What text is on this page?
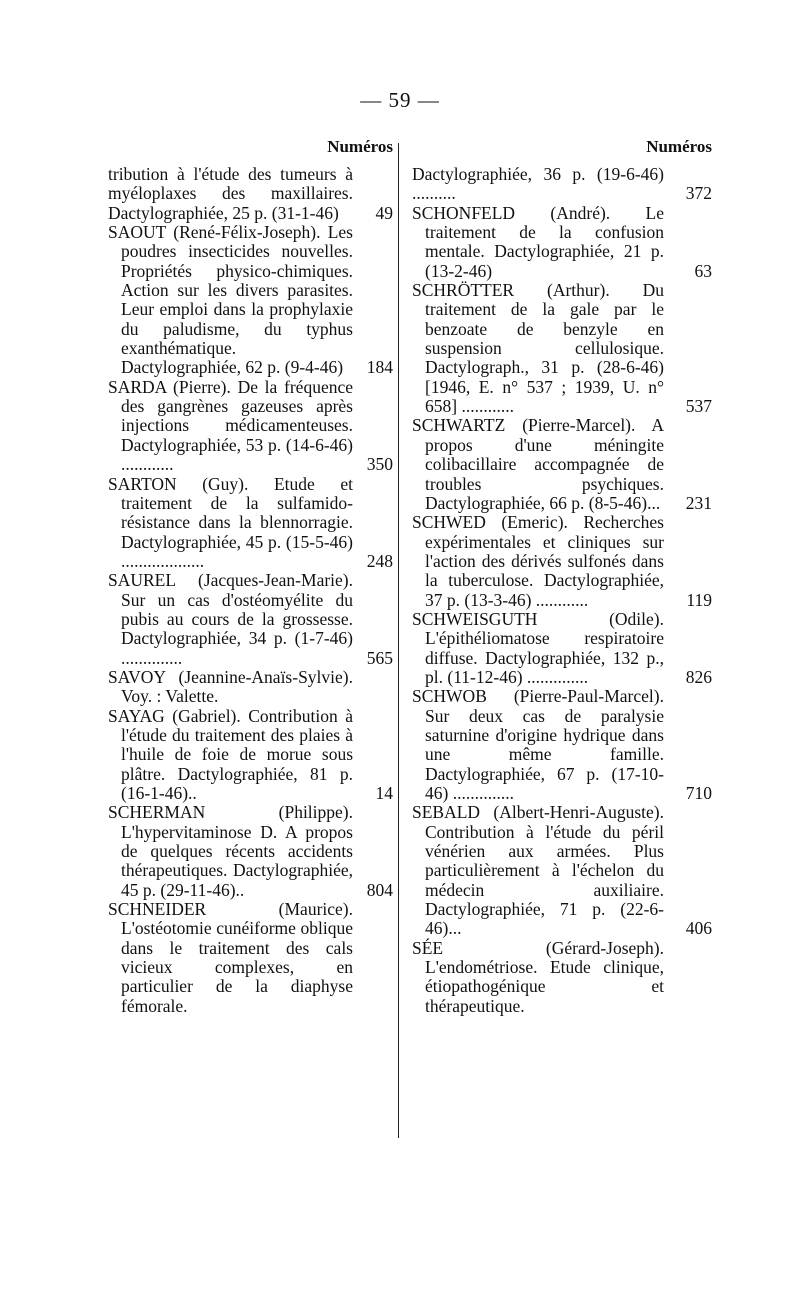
— 59 —
Numéros
tribution à l'étude des tumeurs à myéloplaxes des maxillaires. Dactylographiée, 25 p. (31-1-46)	49
SAOUT (René-Félix-Joseph). Les poudres insecticides nouvelles. Propriétés physico-chimiques. Action sur les divers parasites. Leur emploi dans la prophylaxie du paludisme, du typhus exanthématique. Dactylographiée, 62 p. (9-4-46)	184
SARDA (Pierre). De la fréquence des gangrènes gazeuses après injections médicamenteuses. Dactylographiée, 53 p. (14-6-46) ............	350
SARTON (Guy). Etude et traitement de la sulfamido-résistance dans la blennorragie. Dactylographiée, 45 p. (15-5-46) ...................	248
SAUREL (Jacques-Jean-Marie). Sur un cas d'ostéomyélite du pubis au cours de la grossesse. Dactylographiée, 34 p. (1-7-46) ..............	565
SAVOY (Jeannine-Anaïs-Sylvie). Voy. : Valette.
SAYAG (Gabriel). Contribution à l'étude du traitement des plaies à l'huile de foie de morue sous plâtre. Dactylographiée, 81 p. (16-1-46)..	14
SCHERMAN (Philippe). L'hypervitaminose D. A propos de quelques récents accidents thérapeutiques. Dactylographiée, 45 p. (29-11-46)..	804
SCHNEIDER (Maurice). L'ostéotomie cunéiforme oblique dans le traitement des cals vicieux complexes, en particulier de la diaphyse fémorale.
Numéros
Dactylographiée, 36 p. (19-6-46) ..........	372
SCHONFELD (André). Le traitement de la confusion mentale. Dactylographiée, 21 p. (13-2-46)	63
SCHRÖTTER (Arthur). Du traitement de la gale par le benzoate de benzyle en suspension cellulosique. Dactylograph., 31 p. (28-6-46) [1946, E. n° 537 ; 1939, U. n° 658] ............	537
SCHWARTZ (Pierre-Marcel). A propos d'une méningite colibacillaire accompagnée de troubles psychiques. Dactylographiée, 66 p. (8-5-46)...	231
SCHWED (Emeric). Recherches expérimentales et cliniques sur l'action des dérivés sulfonés dans la tuberculose. Dactylographiée, 37 p. (13-3-46) ............	119
SCHWEISGUTH (Odile). L'épithéliomatose respiratoire diffuse. Dactylographiée, 132 p., pl. (11-12-46) ..............	826
SCHWOB (Pierre-Paul-Marcel). Sur deux cas de paralysie saturnine d'origine hydrique dans une même famille. Dactylographiée, 67 p. (17-10-46) ..............	710
SEBALD (Albert-Henri-Auguste). Contribution à l'étude du péril vénérien aux armées. Plus particulièrement à l'échelon du médecin auxiliaire. Dactylographiée, 71 p. (22-6-46)...	406
SÉE (Gérard-Joseph). L'endométriose. Etude clinique, étiopathogénique et thérapeutique.
